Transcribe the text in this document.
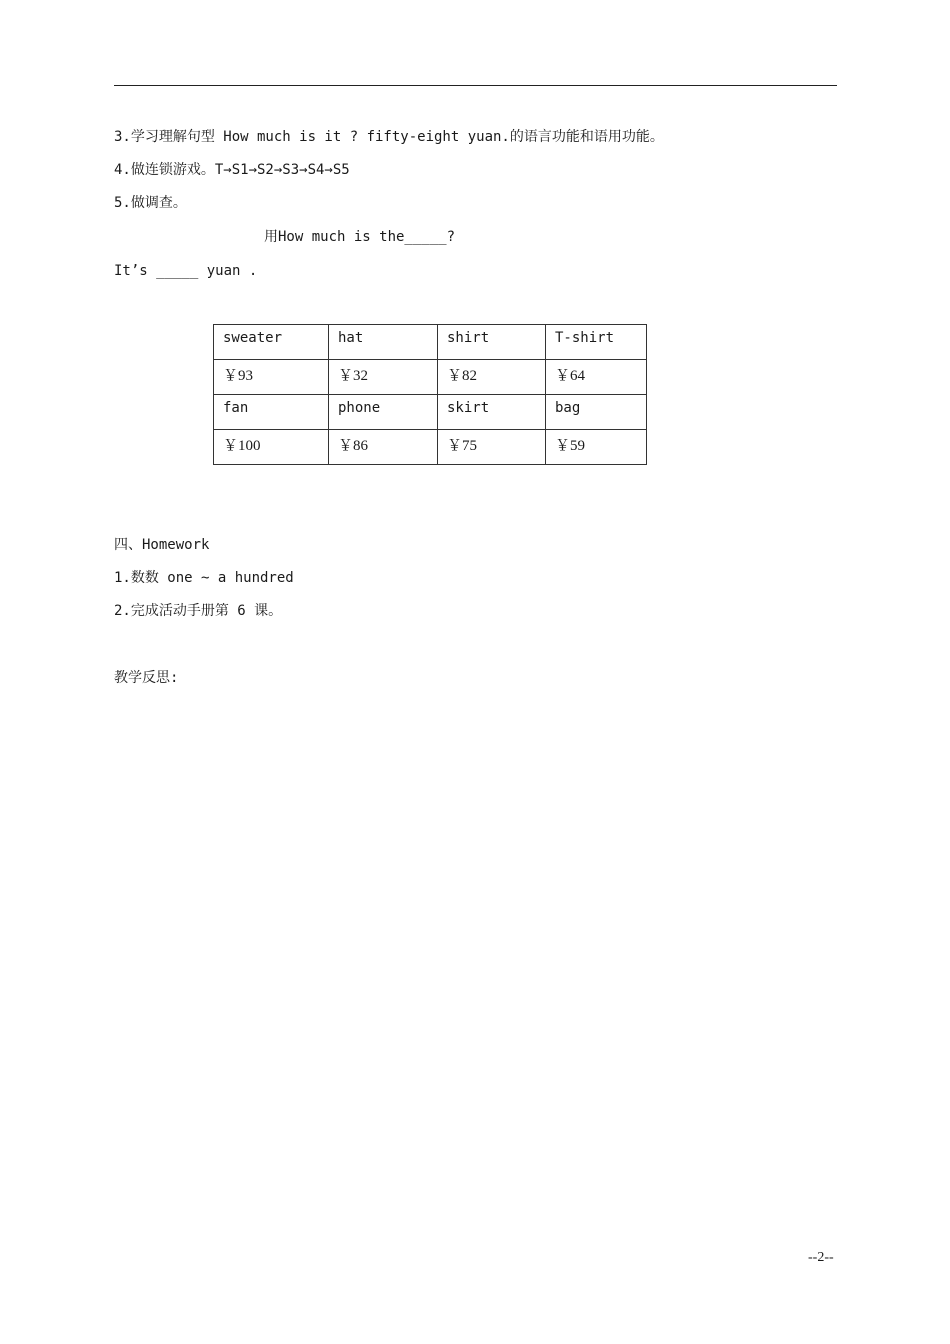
3.学习理解句型 How much is it ? fifty-eight yuan.的语言功能和语用功能。
4.做连锁游戏。T→S1→S2→S3→S4→S5
5.做调查。
用How much is the_____?
It’s _____ yuan .
sweater	hat	shirt	T-shirt
￥93	￥32	￥82	￥64
fan	phone	skirt	bag
￥100	￥86	￥75	￥59
四、Homework
1.数数 one ~ a hundred
2.完成活动手册第 6 课。
教学反思:
--2--
